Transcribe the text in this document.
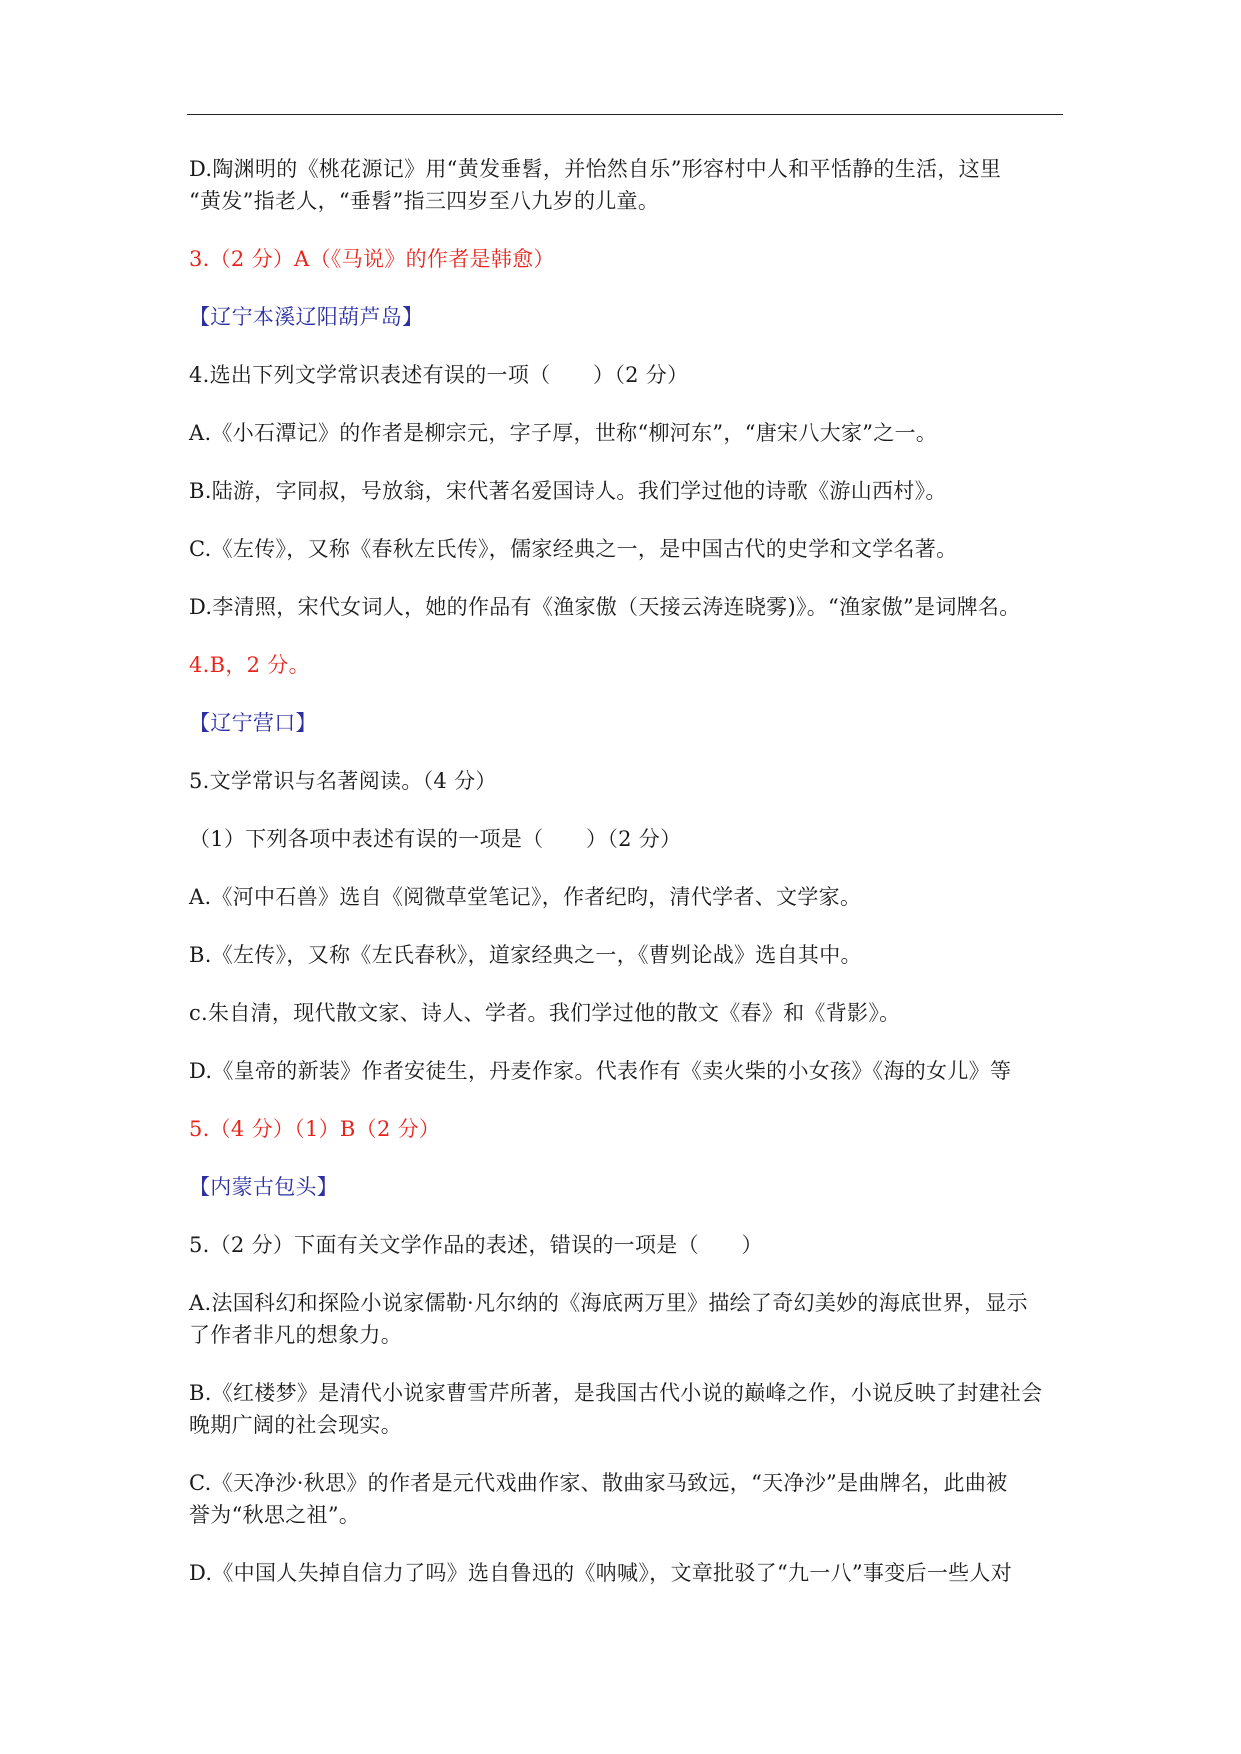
D.陶渊明的《桃花源记》用“黄发垂髫，并怡然自乐”形容村中人和平恬静的生活，这里
“黄发”指老人，“垂髫”指三四岁至八九岁的儿童。
3.（2 分）A（《马说》的作者是韩愈）
【辽宁本溪辽阳葫芦岛】
4.选出下列文学常识表述有误的一项（　　）（2 分）
A.《小石潭记》的作者是柳宗元，字子厚，世称“柳河东”，“唐宋八大家”之一。
B.陆游，字同叔，号放翁，宋代著名爱国诗人。我们学过他的诗歌《游山西村》。
C.《左传》，又称《春秋左氏传》，儒家经典之一，是中国古代的史学和文学名著。
D.李清照，宋代女词人，她的作品有《渔家傲（天接云涛连晓雾)》。“渔家傲”是词牌名。
4.B，2 分。
【辽宁营口】
5.文学常识与名著阅读。（4 分）
（1）下列各项中表述有误的一项是（　　）（2 分）
A.《河中石兽》选自《阅微草堂笔记》，作者纪昀，清代学者、文学家。
B.《左传》，又称《左氏春秋》，道家经典之一，《曹刿论战》选自其中。
c.朱自清，现代散文家、诗人、学者。我们学过他的散文《春》和《背影》。
D.《皇帝的新装》作者安徒生，丹麦作家。代表作有《卖火柴的小女孩》《海的女儿》等
5.（4 分）（1）B（2 分）
【内蒙古包头】
5.（2 分）下面有关文学作品的表述，错误的一项是（　　）
A.法国科幻和探险小说家儒勒·凡尔纳的《海底两万里》描绘了奇幻美妙的海底世界，显示
了作者非凡的想象力。
B.《红楼梦》是清代小说家曹雪芹所著，是我国古代小说的巅峰之作，小说反映了封建社会
晚期广阔的社会现实。
C.《天净沙·秋思》的作者是元代戏曲作家、散曲家马致远，“天净沙”是曲牌名，此曲被
誉为“秋思之祖”。
D.《中国人失掉自信力了吗》选自鲁迅的《呐喊》，文章批驳了“九一八”事变后一些人对
